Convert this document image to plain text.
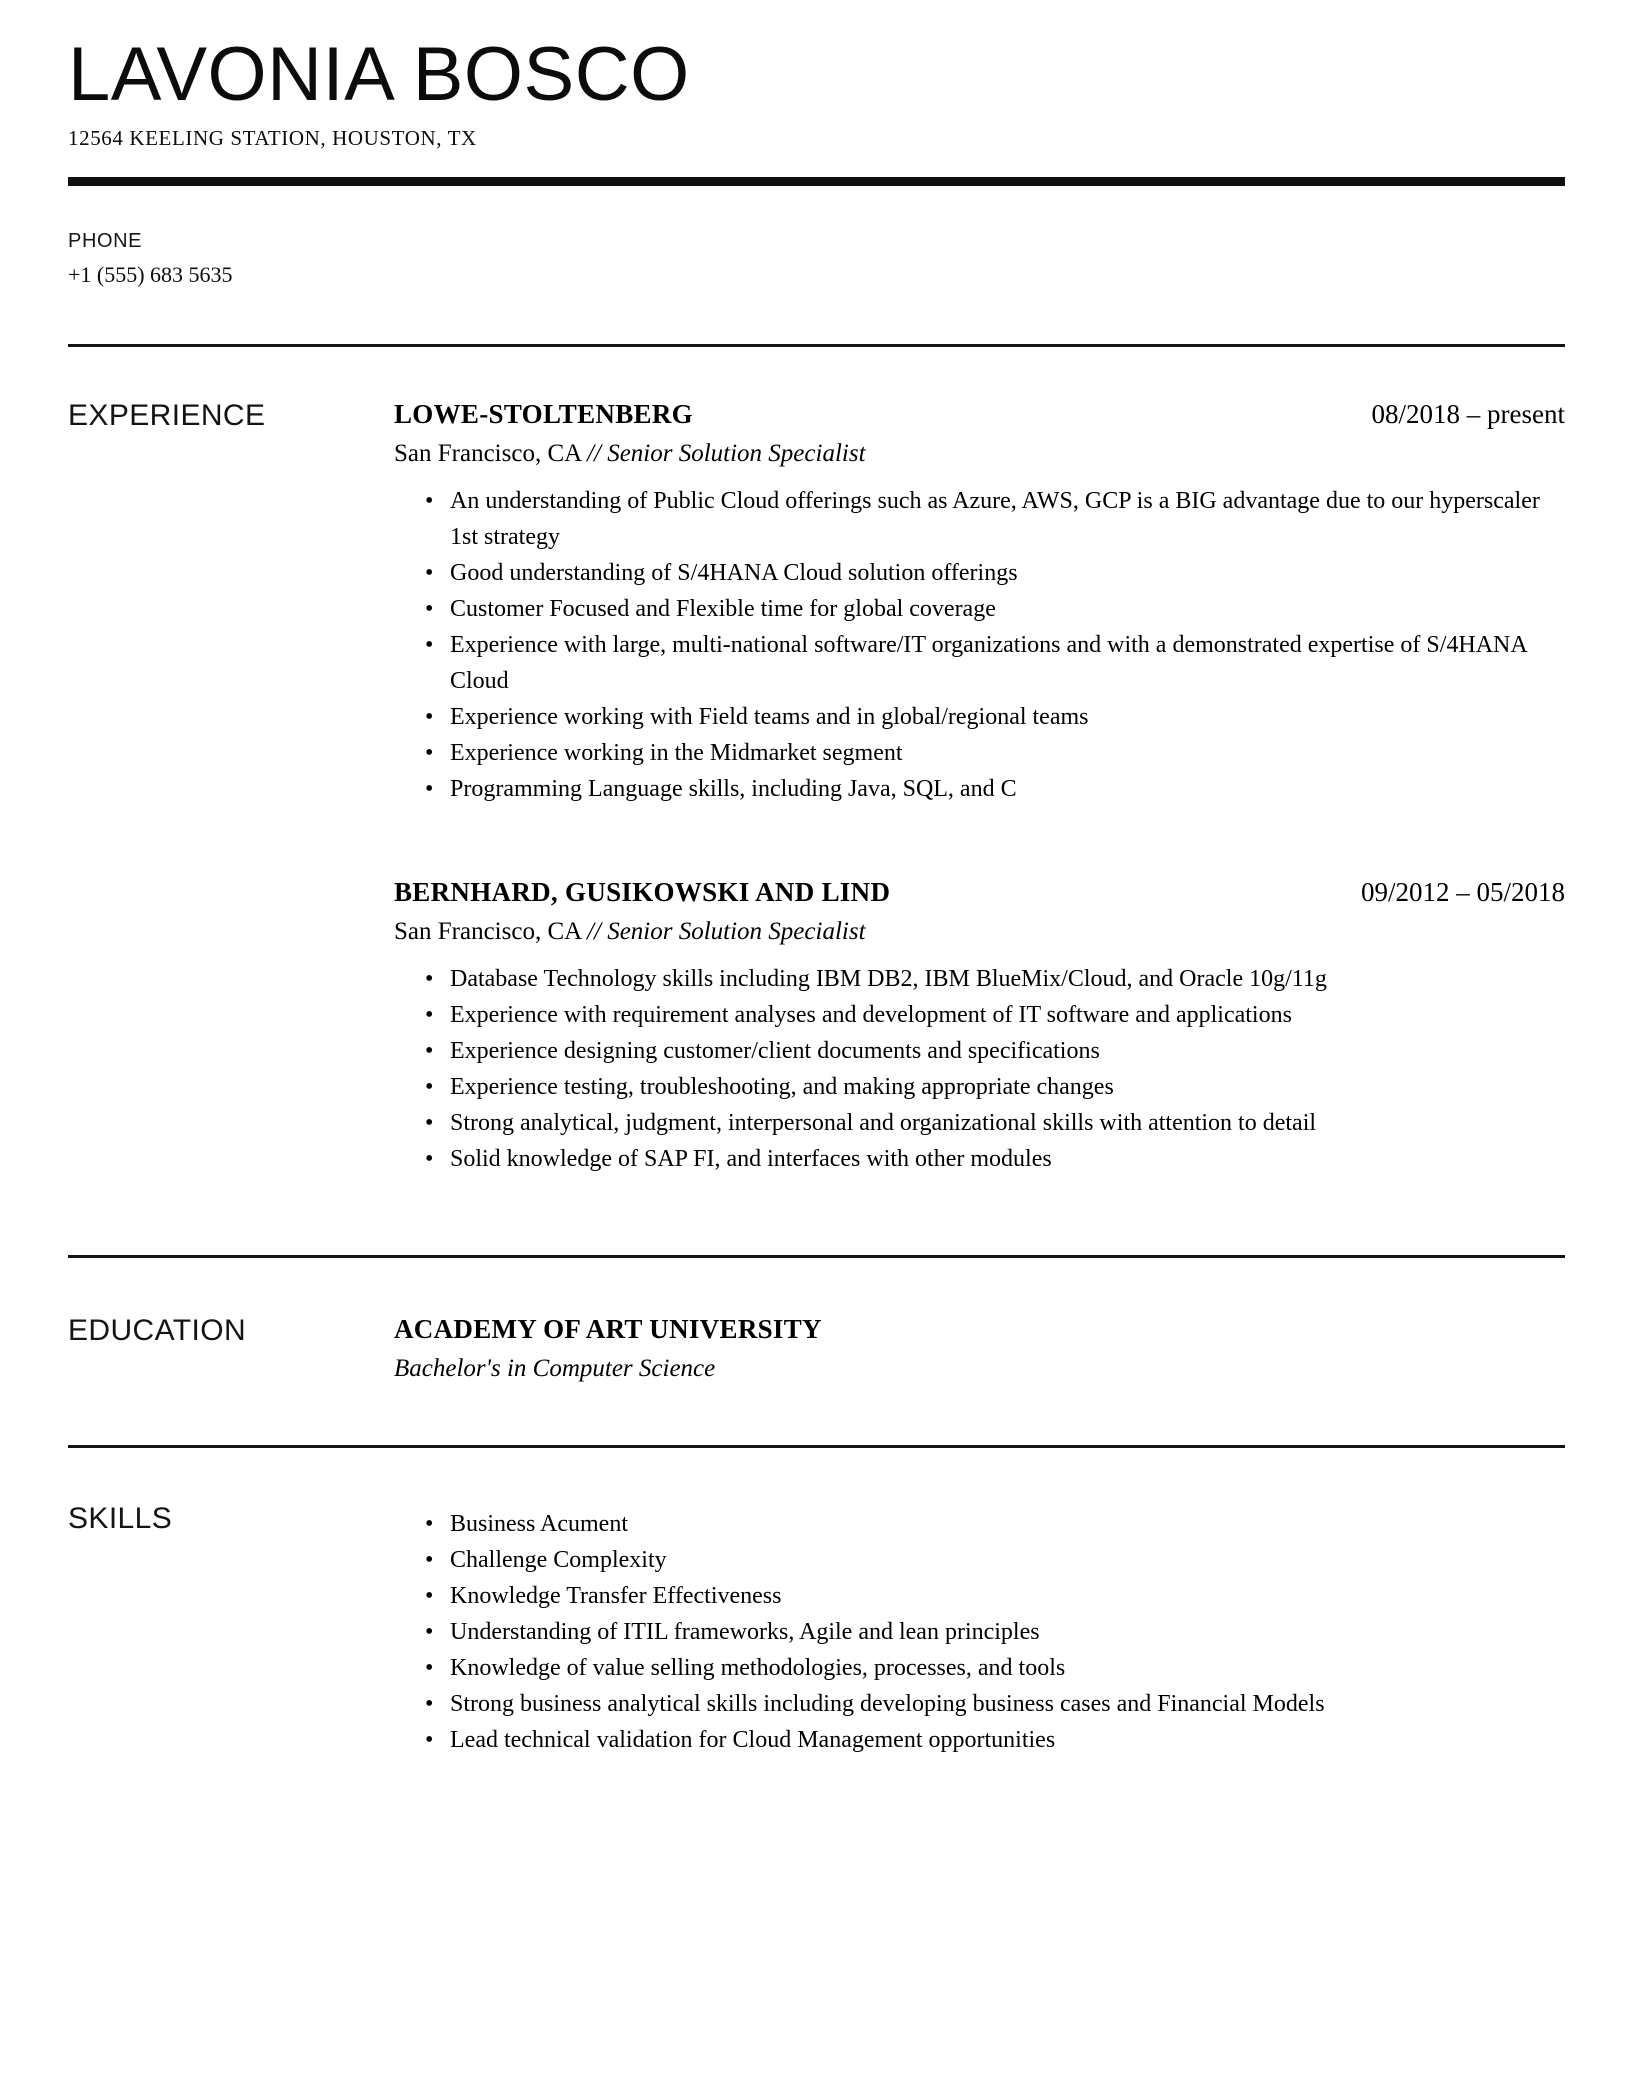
LAVONIA BOSCO
12564 KEELING STATION, HOUSTON, TX
PHONE
+1 (555) 683 5635
EXPERIENCE	LOWE-STOLTENBERG	08/2018 – present
San Francisco, CA // Senior Solution Specialist
• An understanding of Public Cloud offerings such as Azure, AWS, GCP is a BIG advantage due to our hyperscaler 1st strategy
• Good understanding of S/4HANA Cloud solution offerings
• Customer Focused and Flexible time for global coverage
• Experience with large, multi-national software/IT organizations and with a demonstrated expertise of S/4HANA Cloud
• Experience working with Field teams and in global/regional teams
• Experience working in the Midmarket segment
• Programming Language skills, including Java, SQL, and C
BERNHARD, GUSIKOWSKI AND LIND	09/2012 – 05/2018
San Francisco, CA // Senior Solution Specialist
• Database Technology skills including IBM DB2, IBM BlueMix/Cloud, and Oracle 10g/11g
• Experience with requirement analyses and development of IT software and applications
• Experience designing customer/client documents and specifications
• Experience testing, troubleshooting, and making appropriate changes
• Strong analytical, judgment, interpersonal and organizational skills with attention to detail
• Solid knowledge of SAP FI, and interfaces with other modules
EDUCATION	ACADEMY OF ART UNIVERSITY
Bachelor's in Computer Science
SKILLS	• Business Acument
• Challenge Complexity
• Knowledge Transfer Effectiveness
• Understanding of ITIL frameworks, Agile and lean principles
• Knowledge of value selling methodologies, processes, and tools
• Strong business analytical skills including developing business cases and Financial Models
• Lead technical validation for Cloud Management opportunities
